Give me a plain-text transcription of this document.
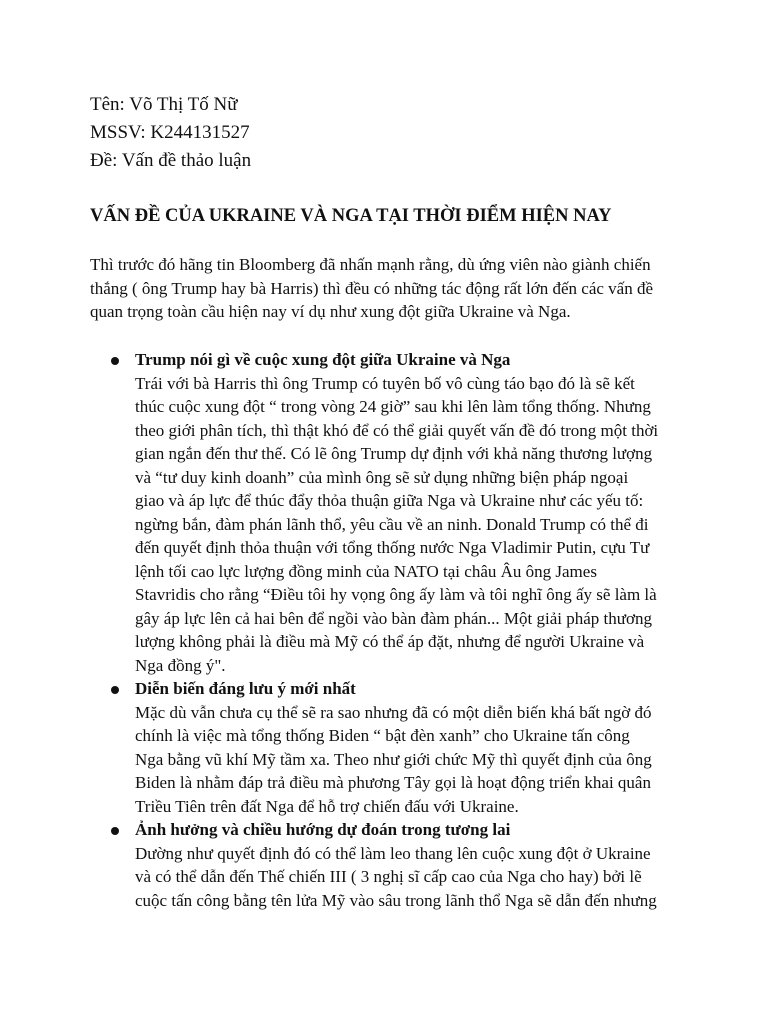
Tên: Võ Thị Tố Nữ
MSSV: K244131527
Đề: Vấn đề thảo luận
VẤN ĐỀ CỦA UKRAINE VÀ NGA TẠI THỜI ĐIỂM HIỆN NAY
Thì trước đó hãng tin Bloomberg đã nhấn mạnh rằng, dù ứng viên nào giành chiến
thắng ( ông Trump hay bà Harris) thì đều có những tác động rất lớn đến các vấn đề
quan trọng toàn cầu hiện nay ví dụ như xung đột giữa Ukraine và Nga.
Trump nói gì về cuộc xung đột giữa Ukraine và Nga
Trái với bà Harris thì ông Trump có tuyên bố vô cùng táo bạo đó là sẽ kết
thúc cuộc xung đột “ trong vòng 24 giờ” sau khi lên làm tổng thống. Nhưng
theo giới phân tích, thì thật khó để có thể giải quyết vấn đề đó trong một thời
gian ngắn đến thư thế. Có lẽ ông Trump dự định với khả năng thương lượng
và “tư duy kinh doanh” của mình ông sẽ sử dụng những biện pháp ngoại
giao và áp lực để thúc đẩy thỏa thuận giữa Nga và Ukraine như các yếu tố:
ngừng bắn, đàm phán lãnh thổ, yêu cầu về an ninh. Donald Trump có thể đi
đến quyết định thỏa thuận với tổng thống nước Nga Vladimir Putin, cựu Tư
lệnh tối cao lực lượng đồng minh của NATO tại châu Âu ông James
Stavridis cho rằng “Điều tôi hy vọng ông ấy làm và tôi nghĩ ông ấy sẽ làm là
gây áp lực lên cả hai bên để ngồi vào bàn đàm phán... Một giải pháp thương
lượng không phải là điều mà Mỹ có thể áp đặt, nhưng để người Ukraine và
Nga đồng ý".
Diễn biến đáng lưu ý mới nhất
Mặc dù vẫn chưa cụ thể sẽ ra sao nhưng đã có một diễn biến khá bất ngờ đó
chính là việc mà tổng thống Biden “ bật đèn xanh” cho Ukraine tấn công
Nga bằng vũ khí Mỹ tầm xa. Theo như giới chức Mỹ thì quyết định của ông
Biden là nhằm đáp trả điều mà phương Tây gọi là hoạt động triển khai quân
Triều Tiên trên đất Nga để hỗ trợ chiến đấu với Ukraine.
Ảnh hưởng và chiều hướng dự đoán trong tương lai
Dường như quyết định đó có thể làm leo thang lên cuộc xung đột ở Ukraine
và có thể dẫn đến Thế chiến III ( 3 nghị sĩ cấp cao của Nga cho hay) bởi lẽ
cuộc tấn công bằng tên lửa Mỹ vào sâu trong lãnh thổ Nga sẽ dẫn đến nhưng
